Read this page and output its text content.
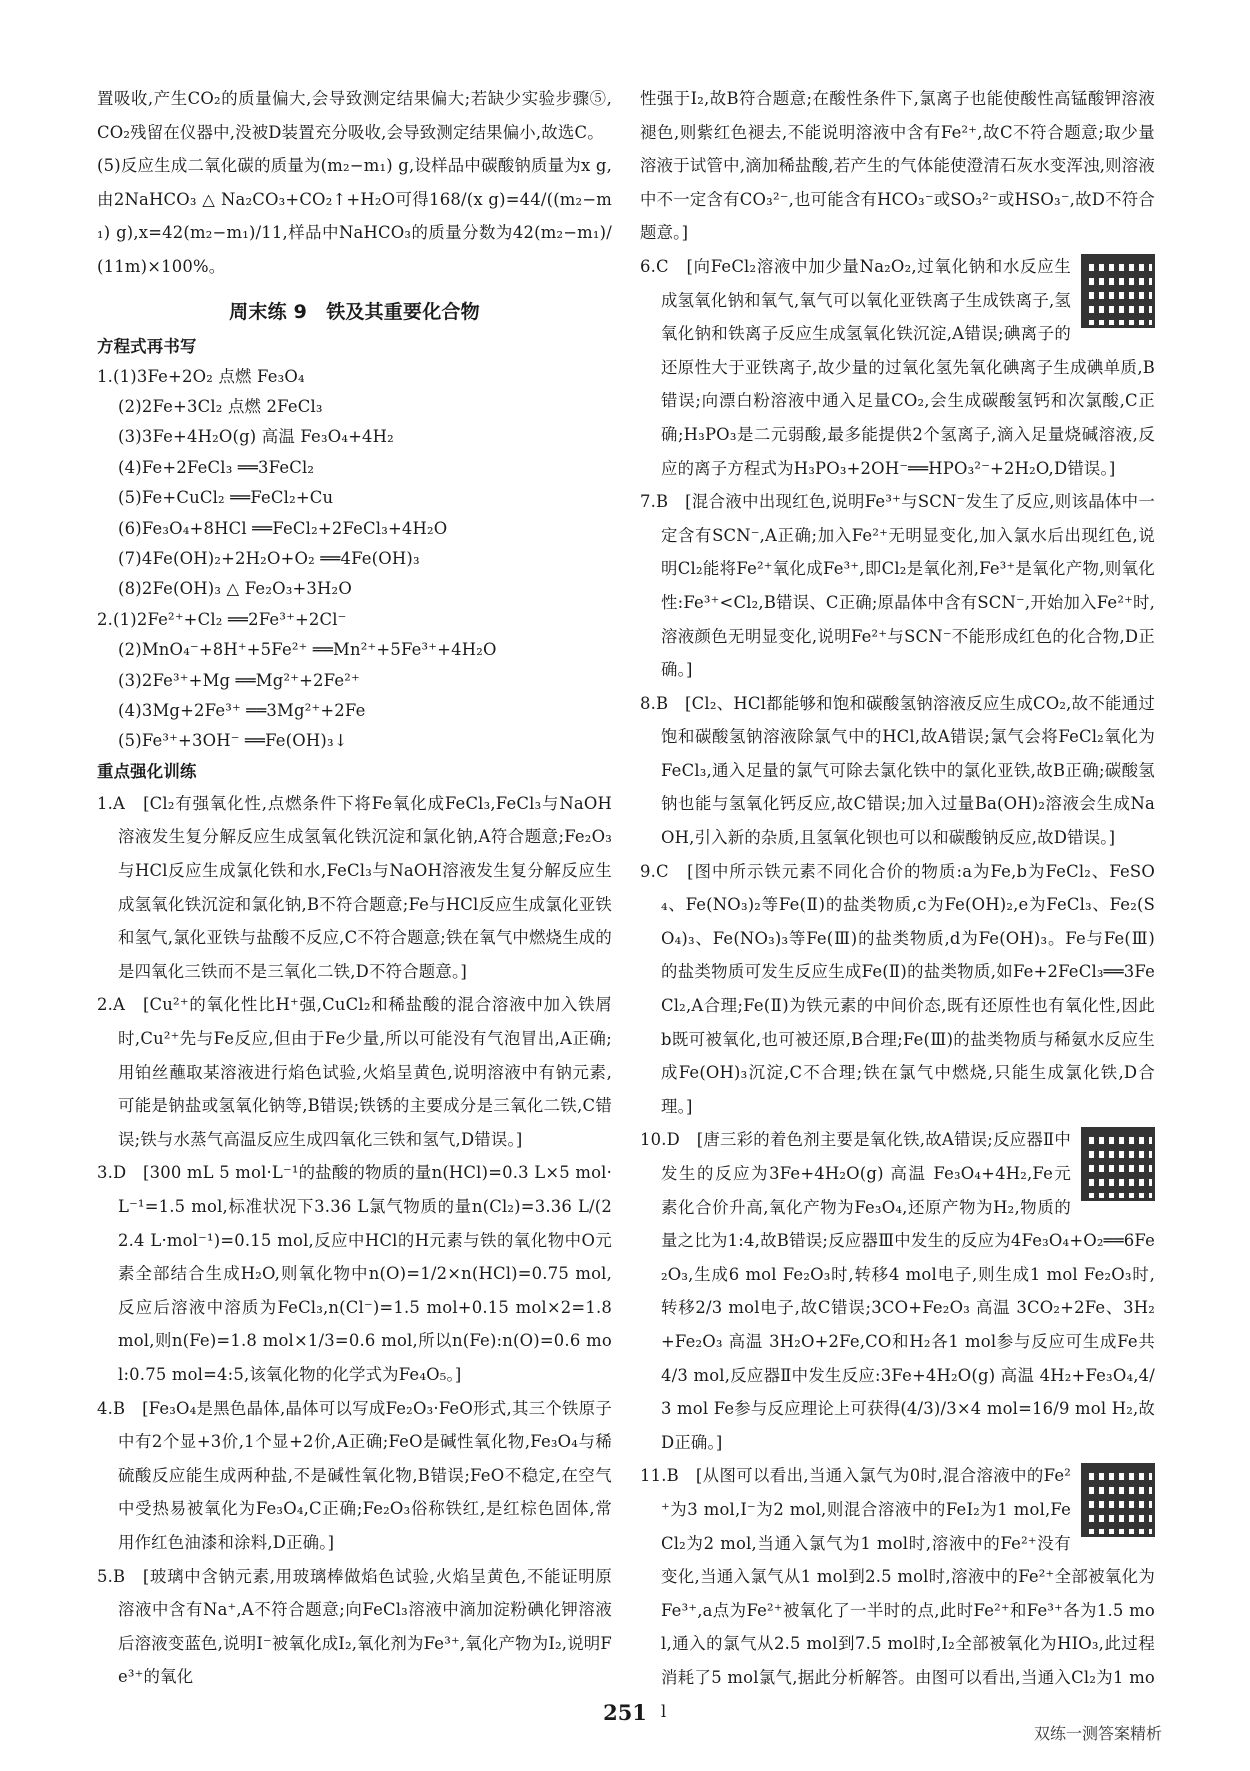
置吸收,产生CO₂的质量偏大,会导致测定结果偏大;若缺少实验步骤⑤,CO₂残留在仪器中,没被D装置充分吸收,会导致测定结果偏小,故选C。

(5)反应生成二氧化碳的质量为(m₂−m₁) g,设样品中碳酸钠质量为x g,由2NaHCO₃ △ Na₂CO₃+CO₂↑+H₂O可得168/(x g)=44/((m₂−m₁) g),x=42(m₂−m₁)/11,样品中NaHCO₃的质量分数为42(m₂−m₁)/(11m)×100%。

周末练 9　铁及其重要化合物
方程式再书写
1.(1)3Fe+2O₂ 点燃 Fe₃O₄
(2)2Fe+3Cl₂ 点燃 2FeCl₃
(3)3Fe+4H₂O(g) 高温 Fe₃O₄+4H₂
(4)Fe+2FeCl₃ ══3FeCl₂
(5)Fe+CuCl₂ ══FeCl₂+Cu
(6)Fe₃O₄+8HCl ══FeCl₂+2FeCl₃+4H₂O
(7)4Fe(OH)₂+2H₂O+O₂ ══4Fe(OH)₃
(8)2Fe(OH)₃ △ Fe₂O₃+3H₂O
2.(1)2Fe²⁺+Cl₂ ══2Fe³⁺+2Cl⁻
(2)MnO₄⁻+8H⁺+5Fe²⁺ ══Mn²⁺+5Fe³⁺+4H₂O
(3)2Fe³⁺+Mg ══Mg²⁺+2Fe²⁺
(4)3Mg+2Fe³⁺ ══3Mg²⁺+2Fe
(5)Fe³⁺+3OH⁻ ══Fe(OH)₃↓
重点强化训练

1.A　[Cl₂有强氧化性,点燃条件下将Fe氧化成FeCl₃,FeCl₃与NaOH溶液发生复分解反应生成氢氧化铁沉淀和氯化钠,A符合题意;Fe₂O₃与HCl反应生成氯化铁和水,FeCl₃与NaOH溶液发生复分解反应生成氢氧化铁沉淀和氯化钠,B不符合题意;Fe与HCl反应生成氯化亚铁和氢气,氯化亚铁与盐酸不反应,C不符合题意;铁在氧气中燃烧生成的是四氧化三铁而不是三氧化二铁,D不符合题意。]

2.A　[Cu²⁺的氧化性比H⁺强,CuCl₂和稀盐酸的混合溶液中加入铁屑时,Cu²⁺先与Fe反应,但由于Fe少量,所以可能没有气泡冒出,A正确;用铂丝蘸取某溶液进行焰色试验,火焰呈黄色,说明溶液中有钠元素,可能是钠盐或氢氧化钠等,B错误;铁锈的主要成分是三氧化二铁,C错误;铁与水蒸气高温反应生成四氧化三铁和氢气,D错误。]

3.D　[300 mL 5 mol·L⁻¹的盐酸的物质的量n(HCl)=0.3 L×5 mol·L⁻¹=1.5 mol,标准状况下3.36 L氯气物质的量n(Cl₂)=3.36 L/(22.4 L·mol⁻¹)=0.15 mol,反应中HCl的H元素与铁的氧化物中O元素全部结合生成H₂O,则氧化物中n(O)=1/2×n(HCl)=0.75 mol,反应后溶液中溶质为FeCl₃,n(Cl⁻)=1.5 mol+0.15 mol×2=1.8 mol,则n(Fe)=1.8 mol×1/3=0.6 mol,所以n(Fe):n(O)=0.6 mol:0.75 mol=4:5,该氧化物的化学式为Fe₄O₅。]

4.B　[Fe₃O₄是黑色晶体,晶体可以写成Fe₂O₃·FeO形式,其三个铁原子中有2个显+3价,1个显+2价,A正确;FeO是碱性氧化物,Fe₃O₄与稀硫酸反应能生成两种盐,不是碱性氧化物,B错误;FeO不稳定,在空气中受热易被氧化为Fe₃O₄,C正确;Fe₂O₃俗称铁红,是红棕色固体,常用作红色油漆和涂料,D正确。]

5.B　[玻璃中含钠元素,用玻璃棒做焰色试验,火焰呈黄色,不能证明原溶液中含有Na⁺,A不符合题意;向FeCl₃溶液中滴加淀粉碘化钾溶液后溶液变蓝色,说明I⁻被氧化成I₂,氧化剂为Fe³⁺,氧化产物为I₂,说明Fe³⁺的氧化

性强于I₂,故B符合题意;在酸性条件下,氯离子也能使酸性高锰酸钾溶液褪色,则紫红色褪去,不能说明溶液中含有Fe²⁺,故C不符合题意;取少量溶液于试管中,滴加稀盐酸,若产生的气体能使澄清石灰水变浑浊,则溶液中不一定含有CO₃²⁻,也可能含有HCO₃⁻或SO₃²⁻或HSO₃⁻,故D不符合题意。]

6.C　[向FeCl₂溶液中加少量Na₂O₂,过氧化钠和水反应生成氢氧化钠和氧气,氧气可以氧化亚铁离子生成铁离子,氢氧化钠和铁离子反应生成氢氧化铁沉淀,A错误;碘离子的还原性大于亚铁离子,故少量的过氧化氢先氧化碘离子生成碘单质,B错误;向漂白粉溶液中通入足量CO₂,会生成碳酸氢钙和次氯酸,C正确;H₃PO₃是二元弱酸,最多能提供2个氢离子,滴入足量烧碱溶液,反应的离子方程式为H₃PO₃+2OH⁻══HPO₃²⁻+2H₂O,D错误。]

7.B　[混合液中出现红色,说明Fe³⁺与SCN⁻发生了反应,则该晶体中一定含有SCN⁻,A正确;加入Fe²⁺无明显变化,加入氯水后出现红色,说明Cl₂能将Fe²⁺氧化成Fe³⁺,即Cl₂是氧化剂,Fe³⁺是氧化产物,则氧化性:Fe³⁺<Cl₂,B错误、C正确;原晶体中含有SCN⁻,开始加入Fe²⁺时,溶液颜色无明显变化,说明Fe²⁺与SCN⁻不能形成红色的化合物,D正确。]

8.B　[Cl₂、HCl都能够和饱和碳酸氢钠溶液反应生成CO₂,故不能通过饱和碳酸氢钠溶液除氯气中的HCl,故A错误;氯气会将FeCl₂氧化为FeCl₃,通入足量的氯气可除去氯化铁中的氯化亚铁,故B正确;碳酸氢钠也能与氢氧化钙反应,故C错误;加入过量Ba(OH)₂溶液会生成NaOH,引入新的杂质,且氢氧化钡也可以和碳酸钠反应,故D错误。]

9.C　[图中所示铁元素不同化合价的物质:a为Fe,b为FeCl₂、FeSO₄、Fe(NO₃)₂等Fe(Ⅱ)的盐类物质,c为Fe(OH)₂,e为FeCl₃、Fe₂(SO₄)₃、Fe(NO₃)₃等Fe(Ⅲ)的盐类物质,d为Fe(OH)₃。Fe与Fe(Ⅲ)的盐类物质可发生反应生成Fe(Ⅱ)的盐类物质,如Fe+2FeCl₃══3FeCl₂,A合理;Fe(Ⅱ)为铁元素的中间价态,既有还原性也有氧化性,因此b既可被氧化,也可被还原,B合理;Fe(Ⅲ)的盐类物质与稀氨水反应生成Fe(OH)₃沉淀,C不合理;铁在氯气中燃烧,只能生成氯化铁,D合理。]

10.D　[唐三彩的着色剂主要是氧化铁,故A错误;反应器Ⅱ中发生的反应为3Fe+4H₂O(g) 高温 Fe₃O₄+4H₂,Fe元素化合价升高,氧化产物为Fe₃O₄,还原产物为H₂,物质的量之比为1:4,故B错误;反应器Ⅲ中发生的反应为4Fe₃O₄+O₂══6Fe₂O₃,生成6 mol Fe₂O₃时,转移4 mol电子,则生成1 mol Fe₂O₃时,转移2/3 mol电子,故C错误;3CO+Fe₂O₃ 高温 3CO₂+2Fe、3H₂+Fe₂O₃ 高温 3H₂O+2Fe,CO和H₂各1 mol参与反应可生成Fe共4/3 mol,反应器Ⅱ中发生反应:3Fe+4H₂O(g) 高温 4H₂+Fe₃O₄,4/3 mol Fe参与反应理论上可获得(4/3)/3×4 mol=16/9 mol H₂,故D正确。]

11.B　[从图可以看出,当通入氯气为0时,混合溶液中的Fe²⁺为3 mol,I⁻为2 mol,则混合溶液中的FeI₂为1 mol,FeCl₂为2 mol,当通入氯气为1 mol时,溶液中的Fe²⁺没有变化,当通入氯气从1 mol到2.5 mol时,溶液中的Fe²⁺全部被氧化为Fe³⁺,a点为Fe²⁺被氧化了一半时的点,此时Fe²⁺和Fe³⁺各为1.5 mol,通入的氯气从2.5 mol到7.5 mol时,I₂全部被氧化为HIO₃,此过程消耗了5 mol氯气,据此分析解答。由图可以看出,当通入Cl₂为1 mol

251
双练一测答案精析
